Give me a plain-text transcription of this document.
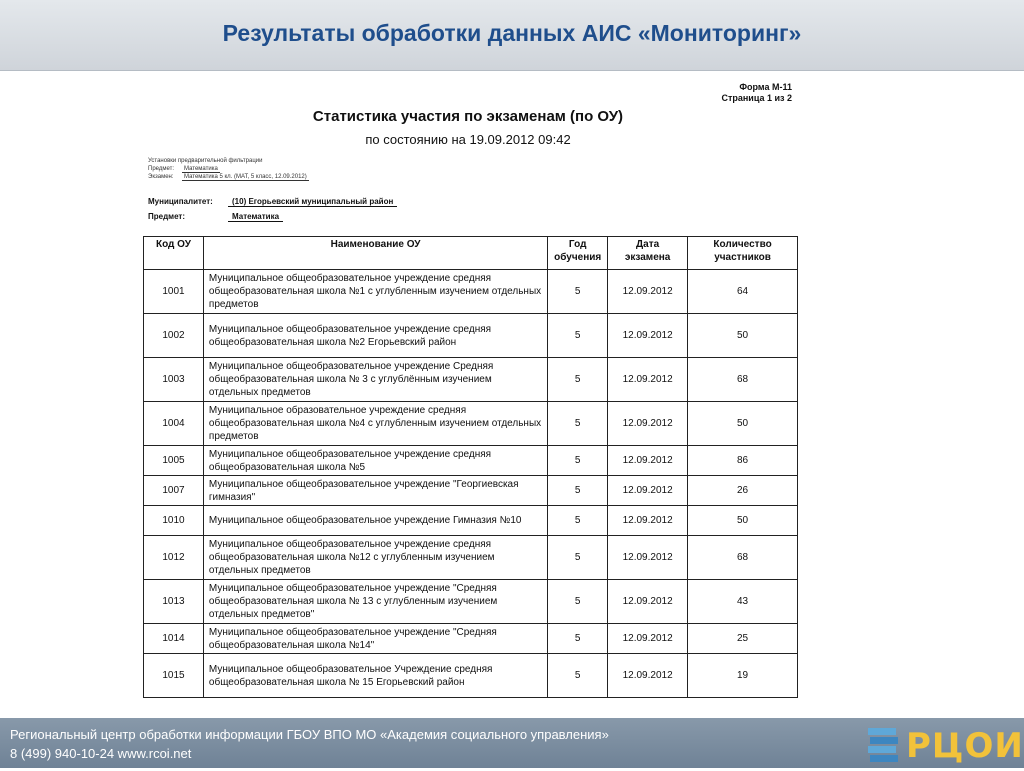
Результаты обработки данных АИС «Мониторинг»
Форма М-11
Страница 1 из 2
Статистика участия по экзаменам (по ОУ)
по состоянию на 19.09.2012 09:42
Установки предварительной фильтрации
Предмет: Математика
Экзамен: Математика 5 кл. (МАТ, 5 класс, 12.09.2012)
Муниципалитет: (10) Егорьевский муниципальный район
Предмет:	Математика
Код ОУ	Наименование ОУ	Год обучения	Дата экзамена	Количество участников
1001	Муниципальное общеобразовательное учреждение средняя общеобразовательная школа №1 с углубленным изучением отдельных предметов	5	12.09.2012	64
1002	Муниципальное общеобразовательное учреждение средняя общеобразовательная школа №2 Егорьевский район	5	12.09.2012	50
1003	Муниципальное общеобразовательное учреждение Средняя общеобразовательная школа № 3 с углублённым изучением отдельных предметов	5	12.09.2012	68
1004	Муниципальное образовательное учреждение средняя общеобразовательная школа №4 с углубленным изучением отдельных предметов	5	12.09.2012	50
1005	Муниципальное общеобразовательное учреждение средняя общеобразовательная школа №5	5	12.09.2012	86
1007	Муниципальное общеобразовательное учреждение "Георгиевская гимназия"	5	12.09.2012	26
1010	Муниципальное общеобразовательное учреждение Гимназия №10	5	12.09.2012	50
1012	Муниципальное общеобразовательное учреждение средняя общеобразовательная школа №12 с углубленным изучением отдельных предметов	5	12.09.2012	68
1013	Муниципальное общеобразовательное учреждение "Средняя общеобразовательная школа № 13 с углубленным изучением отдельных предметов"	5	12.09.2012	43
1014	Муниципальное общеобразовательное учреждение "Средняя общеобразовательная школа №14"	5	12.09.2012	25
1015	Муниципальное общеобразовательное Учреждение средняя общеобразовательная школа № 15 Егорьевский район	5	12.09.2012	19
Региональный центр обработки информации ГБОУ ВПО МО «Академия социального управления»
8 (499) 940-10-24 www.rcoi.net	РЦОИ
